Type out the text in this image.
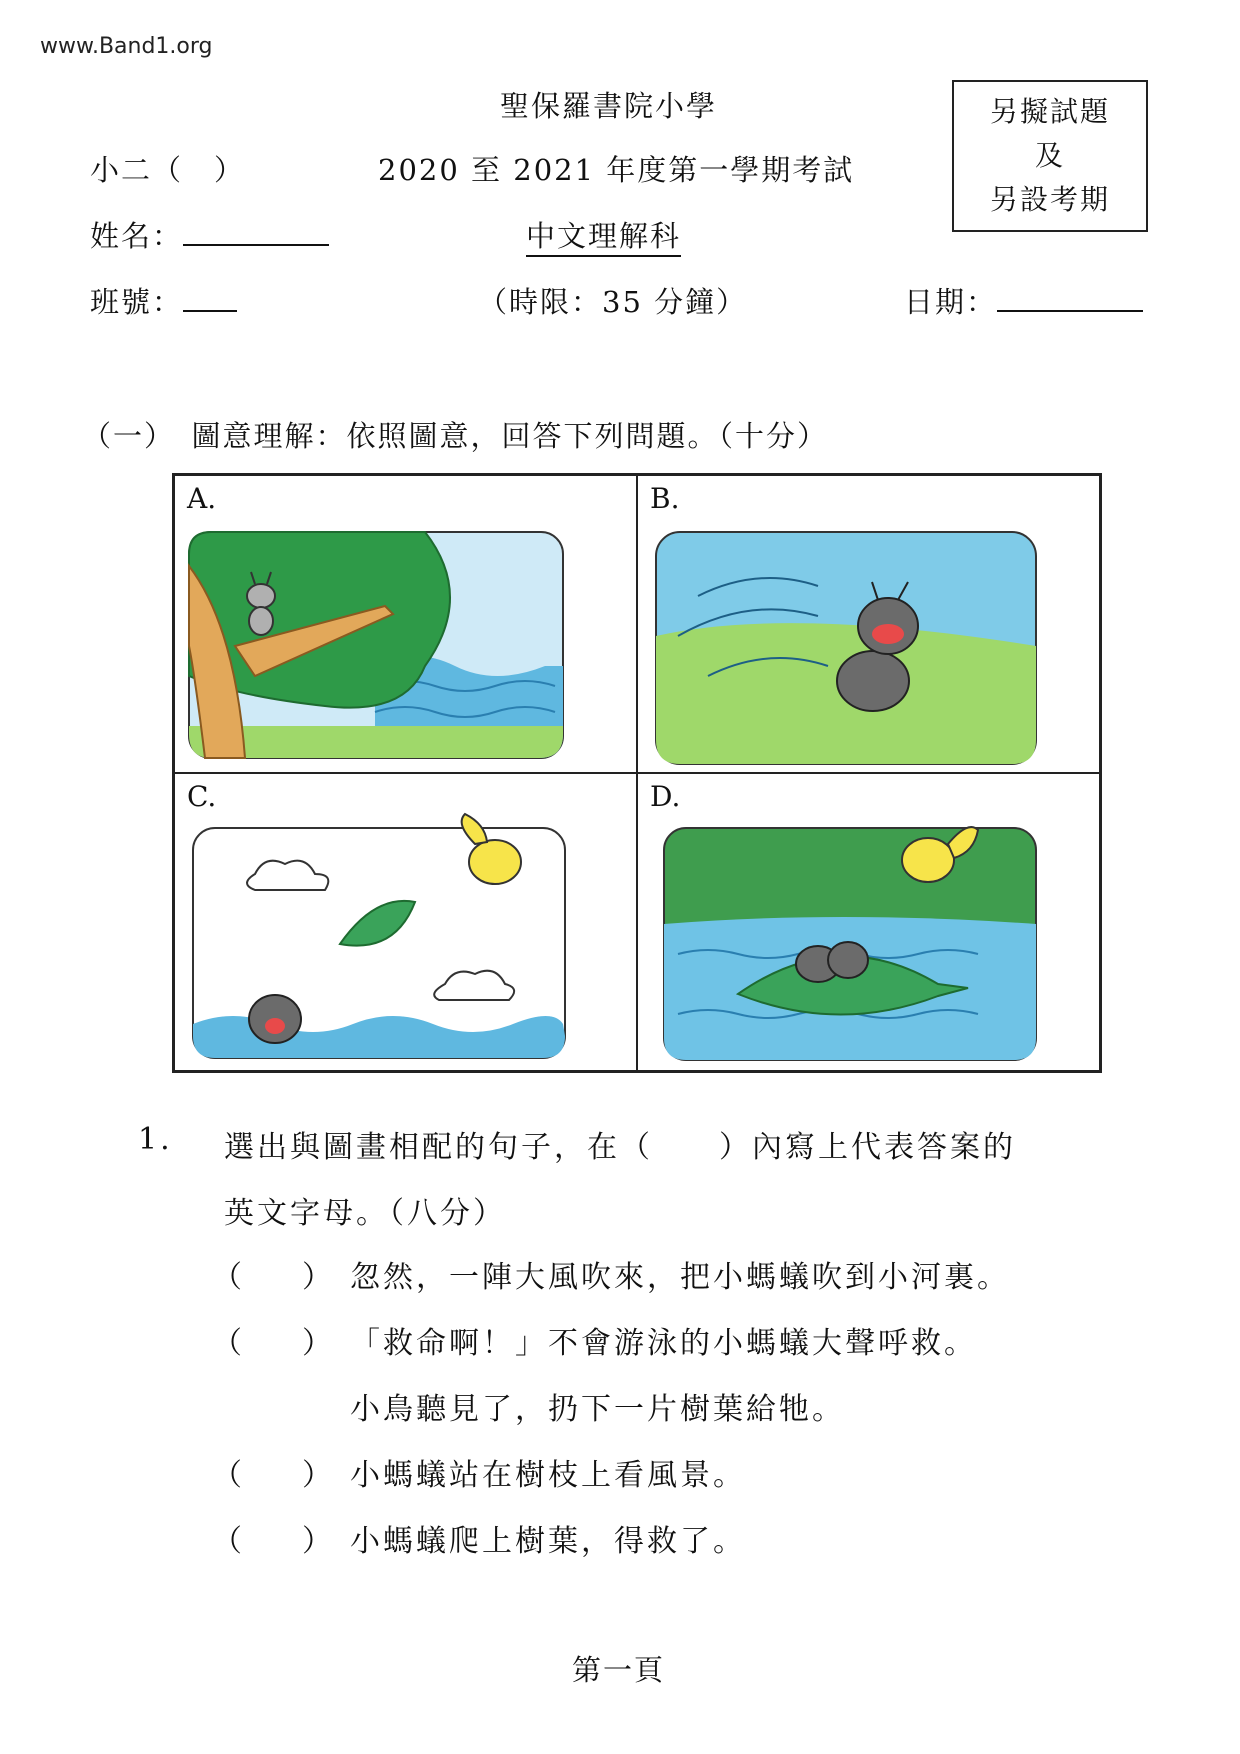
www.Band1.org
聖保羅書院小學
小二（　）	2020 至 2021 年度第一學期考試
姓名：	中文理解科
班號：	（時限：35 分鐘）	日期：
另擬試題
及
另設考期
（一）　圖意理解：依照圖意，回答下列問題。（十分）
A.	B.
C.	D.
1. 選出與圖畫相配的句子，在（　　）內寫上代表答案的
英文字母。（八分）
（　　） 忽然，一陣大風吹來，把小螞蟻吹到小河裏。
（　　） 「救命啊！」不會游泳的小螞蟻大聲呼救。
小鳥聽見了，扔下一片樹葉給牠。
（　　） 小螞蟻站在樹枝上看風景。
（　　） 小螞蟻爬上樹葉，得救了。
第一頁
